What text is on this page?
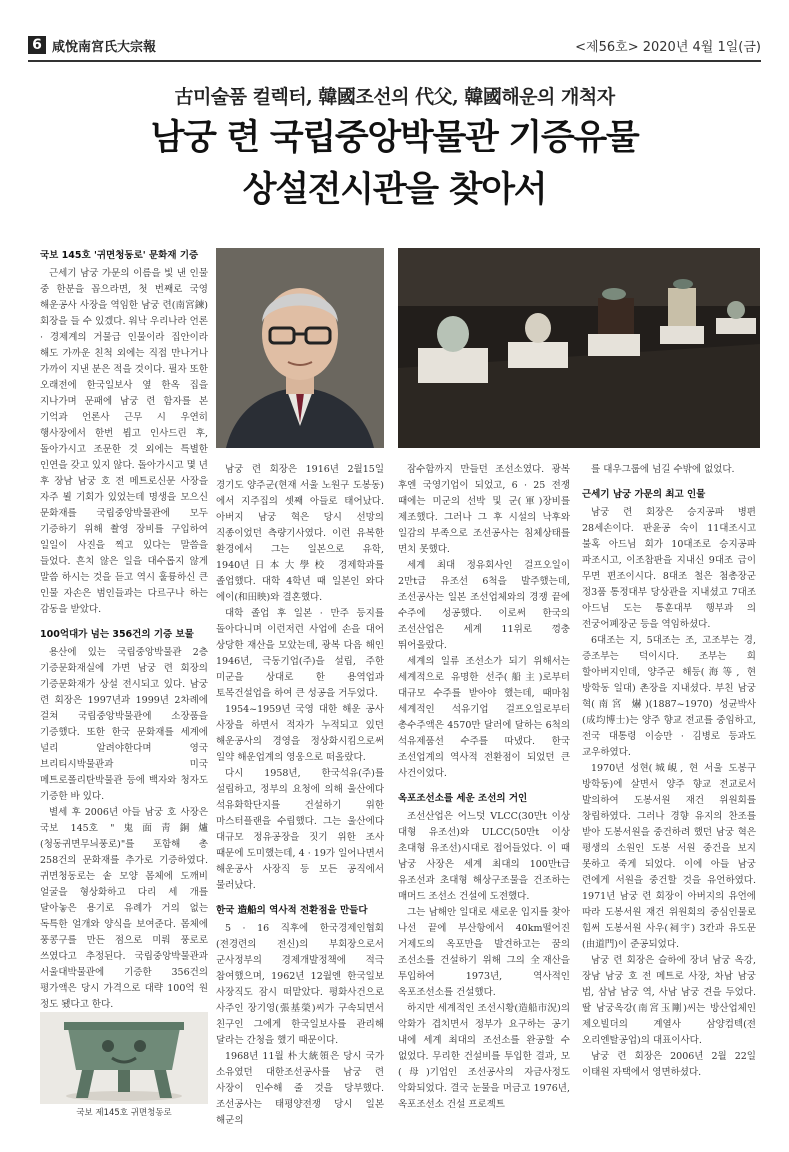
6 咸悅南宮氏大宗報	<제56호> 2020년 4월 1일(금)
古미술품 컬렉터, 韓國조선의 代父, 韓國해운의 개척자
남궁 련 국립중앙박물관 기증유물
상설전시관을 찾아서

국보 145호 '귀면청동로' 문화재 기증

근세기 남궁 가문의 이름을 빛 낸 인물 중 한분을 꼽으라면, 첫 번째로 국영 해운공사 사장을 역임한 남궁 련(南宮鍊) 회장을 들 수 있겠다. 워낙 우리나라 언론 · 경제계의 거물급 인물이라 집안이라 해도 가까운 친척 외에는 직접 만나거나 가까이 지낸 분은 적을 것이다. 필자 또한 오래전에 한국일보사 옆 한옥 집을 지나가며 문패에 남궁 련 함자를 본 기억과 언론사 근무 시 우연히 행사장에서 한번 뵙고 인사드린 후, 돌아가시고 조문한 것 외에는 특별한 인연을 갖고 있지 않다. 돌아가시고 몇 년 후 장남 남궁 호 전 메트로신문 사장을 자주 뵐 기회가 있었는데 명생을 모으신 문화재를 국립중앙박물관에 모두 기증하기 위해 촬영 장비를 구입하여 일일이 사진을 찍고 있다는 말씀을 들었다. 흔치 않은 일을 대수롭지 않게 말씀 하시는 것을 듣고 역시 훌륭하신 큰 인물 자손은 범인들과는 다르구나 하는 감동을 받았다.

100억대가 넘는 356건의 기증 보물

용산에 있는 국립중앙박물관 2층 기증문화재실에 가면 남궁 련 회장의 기증문화재가 상설 전시되고 있다. 남궁 련 회장은 1997년과 1999년 2차례에 걸쳐 국립중앙박물관에 소장품을 기증했다. 또한 한국 문화재를 세계에 널리 알려야한다며 영국 브리티시박물관과 미국 메트로폴리탄박물관 등에 백자와 청자도 기증한 바 있다.

별세 후 2006년 아들 남궁 호 사장은 국보 145호 "鬼面靑銅爐(청동귀면무늬풍로)"를 포함해 총 258건의 문화재를 추가로 기증하였다. 귀면청동로는 솥 모양 몸체에 도깨비 얼굴을 형상화하고 다리 세 개를 달아놓은 용기로 유례가 거의 없는 독특한 얼개와 양식을 보여준다. 몸체에 풍콩구를 만든 점으로 미뤄 풍로로 쓰였다고 추정된다. 국립중앙박물관과 서울대박물관에 기증한 356건의 평가액은 당시 가격으로 대략 100억 원 정도 됐다고 한다.

남궁 련 회장은 1916년 2월15일 경기도 양주군(현재 서울 노원구 도봉동)에서 지주집의 셋째 아들로 태어났다. 아버지 남궁 혁은 당시 선망의 직종이었던 측량기사였다. 이런 유복한 환경에서 그는 일본으로 유학, 1940년日本大學校 경제학과를 졸업했다. 대학 4학년 때 일본인 와다 에이(和田映)와 결혼했다.

대학 졸업 후 일본 · 만주 등지를 돌아다니며 이런저런 사업에 손을 대어 상당한 재산을 모았는데, 광복 다음 해인 1946년, 극동기업(주)을 설립, 주한 미군을 상대로 한 용역업과 토목건설업을 하여 큰 성공을 거두었다.

1954~1959년 국영 대한 해운 공사 사장을 하면서 적자가 누적되고 있던 해운공사의 경영을 정상화시킴으로써 일약 해운업계의 영웅으로 떠올랐다.

다시 1958년, 한국석유(주)를 설립하고, 정부의 요청에 의해 울산에다 석유화학단지를 건설하기 위한 마스터플랜을 수립했다. 그는 울산에다 대규모 정유공장을 짓기 위한 조사 때문에 도미했는데, 4 · 19가 일어나면서 해운공사 사장직 등 모든 공직에서 물러났다.

한국 造船의 역사적 전환점을 만들다

5 · 16 직후에 한국경제인협회(전경련의 전신)의 부회장으로서 군사정부의 경제개발정책에 적극 참여했으며, 1962년 12월엔 한국일보 사장직도 잠시 떠맡았다. 평화사건으로 사주인 장기영(張基榮)씨가 구속되면서 친구인 그에게 한국일보사를 관리해 달라는 간청을 했기 때문이다.

1968년 11월 朴大統領은 당시 국가 소유였던 대한조선공사를 남궁 련 사장이 인수해 줄 것을 당부했다. 조선공사는 태평양전쟁 당시 일본 해군의

잠수함까지 만들던 조선소였다. 광복 후엔 국영기업이 되었고, 6 · 25 전쟁 때에는 미군의 선박 및 군(軍)장비를 제조했다. 그러나 그 후 시설의 낙후와 일감의 부족으로 조선공사는 침체상태를 면치 못했다.

세계 최대 정유회사인 걸프오일이 2만t급 유조선 6척을 발주했는데, 조선공사는 일본 조선업체와의 경쟁 끝에 수주에 성공했다. 이로써 한국의 조선산업은 세계 11위로 껑충 뛰어올랐다.

세계의 일류 조선소가 되기 위해서는 세계적으로 유명한 선주(船主)로부터 대규모 수주를 받아야 했는데, 때마침 세계적인 석유기업 걸프오일로부터 총수주액은 4570만 달러에 달하는 6척의 석유제품선 수주를 따냈다. 한국 조선업계의 역사적 전환점이 되었던 큰 사건이었다.

옥포조선소를 세운 조선의 거인

조선산업은 어느덧 VLCC(30만t 이상 대형 유조선)와 ULCC(50만t 이상 초대형 유조선)시대로 접어들었다. 이 때 남궁 사장은 세계 최대의 100만t급 유조선과 초대형 해상구조물을 건조하는 매머드 조선소 건설에 도전했다.

그는 남해안 일대로 새로운 입지를 찾아 나선 끝에 부산항에서 40km떨어진 거제도의 옥포만을 발견하고는 꿈의 조선소를 건설하기 위해 그의 全재산을 투입하여 1973년, 역사적인 옥포조선소를 건설했다.

하지만 세계적인 조선시황(造船市況)의 악화가 겹치면서 정부가 요구하는 공기 내에 세계 최대의 조선소를 완공할 수 없었다. 무리한 건설비를 투입한 결과, 모(母)기업인 조선공사의 자금사정도 악화되었다. 결국 눈물을 머금고 1976년, 옥포조선소 건설 프로젝트

를 대우그룹에 넘길 수밖에 없었다.

근세기 남궁 가문의 최고 인물

남궁 련 회장은 승지공파 병편 28세손이다. 판윤공 숙이 11대조시고 불혹 아드님 회가 10대조로 승지공파 파조시고, 이조참판을 지내신 9대조 급이 무면 편조이시다. 8대조 철은 첨총장군 정3품 통정대부 당상관을 지내셨고 7대조 아드님 도는 통훈대부 행부과 의 전궁어폐장군 등을 역임하셨다.

6대조는 지, 5대조는 조, 고조부는 경, 증조부는 덕이시다. 조부는 희 할아버지인데, 양주군 해등(海等, 현 방학동 일대) 촌장을 지내셨다. 부친 남궁 혁(南宮 爀)(1887~1970) 성균박사(成均博士)는 양주 향교 전교를 중임하고, 전국 대통령 이승만 · 김병로 등과도 교우하였다.

1970년 성현(城峴, 현 서울 도봉구 방학동)에 살면서 양주 향교 전교로서 발의하여 도봉서원 재건 위원회를 창립하였다. 그러나 경향 유지의 찬조를 받아 도봉서원을 중건하려 했던 남궁 혁은 평생의 소원인 도봉 서원 중건을 보지 못하고 죽게 되었다. 이에 아들 남궁 련에게 서원을 중건할 것을 유언하였다. 1971년 남궁 련 회장이 아버지의 유언에 따라 도봉서원 재건 위원회의 중심인물로 힘써 도봉서원 사우(祠宇) 3칸과 유도문(由道門)이 준공되었다.

남궁 련 회장은 슬하에 장녀 남궁 옥강, 장남 남궁 호 전 메트로 사장, 차남 남궁 법, 삼남 남궁 역, 사남 남궁 견을 두었다. 딸 남궁옥강(南宮玉剛)씨는 방산업체인 제오빌더의 계열사 삼양컴텍(전 오리엔탈공업)의 대표이사다.

남궁 련 회장은 2006년 2월 22일 이태원 자택에서 영면하셨다.

국보 제145호 귀면청동로
